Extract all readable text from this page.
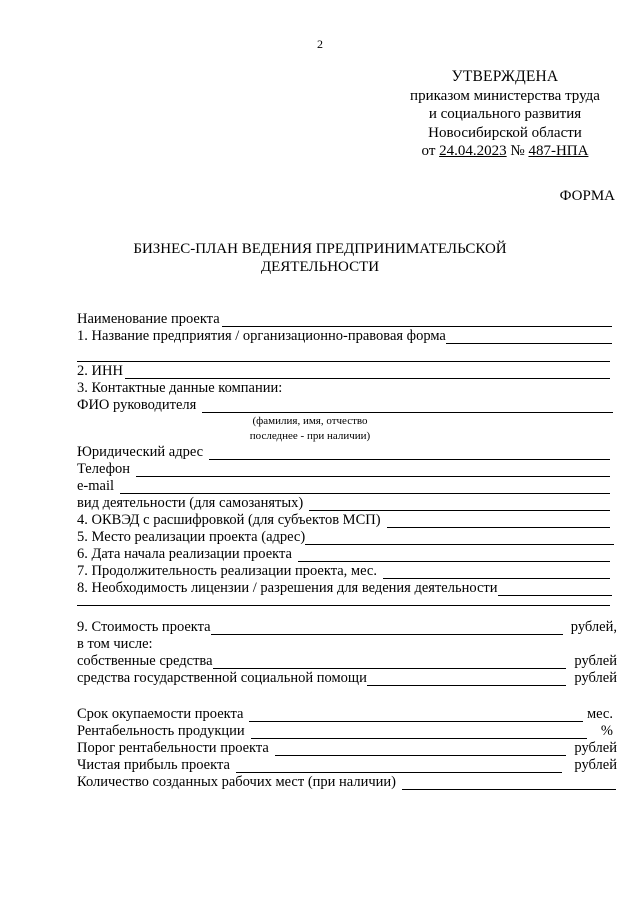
2
УТВЕРЖДЕНА
приказом министерства труда
и социального развития
Новосибирской области
от 24.04.2023 № 487-НПА
ФОРМА
БИЗНЕС-ПЛАН ВЕДЕНИЯ ПРЕДПРИНИМАТЕЛЬСКОЙ
ДЕЯТЕЛЬНОСТИ
Наименование проекта
1. Название предприятия / организационно-правовая форма
2. ИНН
3. Контактные данные компании:
ФИО руководителя
(фамилия, имя, отчество
последнее - при наличии)
Юридический адрес
Телефон
e-mail
вид деятельности (для самозанятых)
4. ОКВЭД с расшифровкой (для субъектов МСП)
5. Место реализации проекта (адрес)
6. Дата начала реализации проекта
7. Продолжительность реализации проекта, мес.
8. Необходимость лицензии / разрешения для ведения деятельности
9. Стоимость проекта	рублей,
в том числе:
собственные средства	рублей
средства государственной социальной помощи	рублей
Срок окупаемости проекта	мес.
Рентабельность продукции	%
Порог рентабельности проекта	рублей
Чистая прибыль проекта	рублей
Количество созданных рабочих мест (при наличии)
